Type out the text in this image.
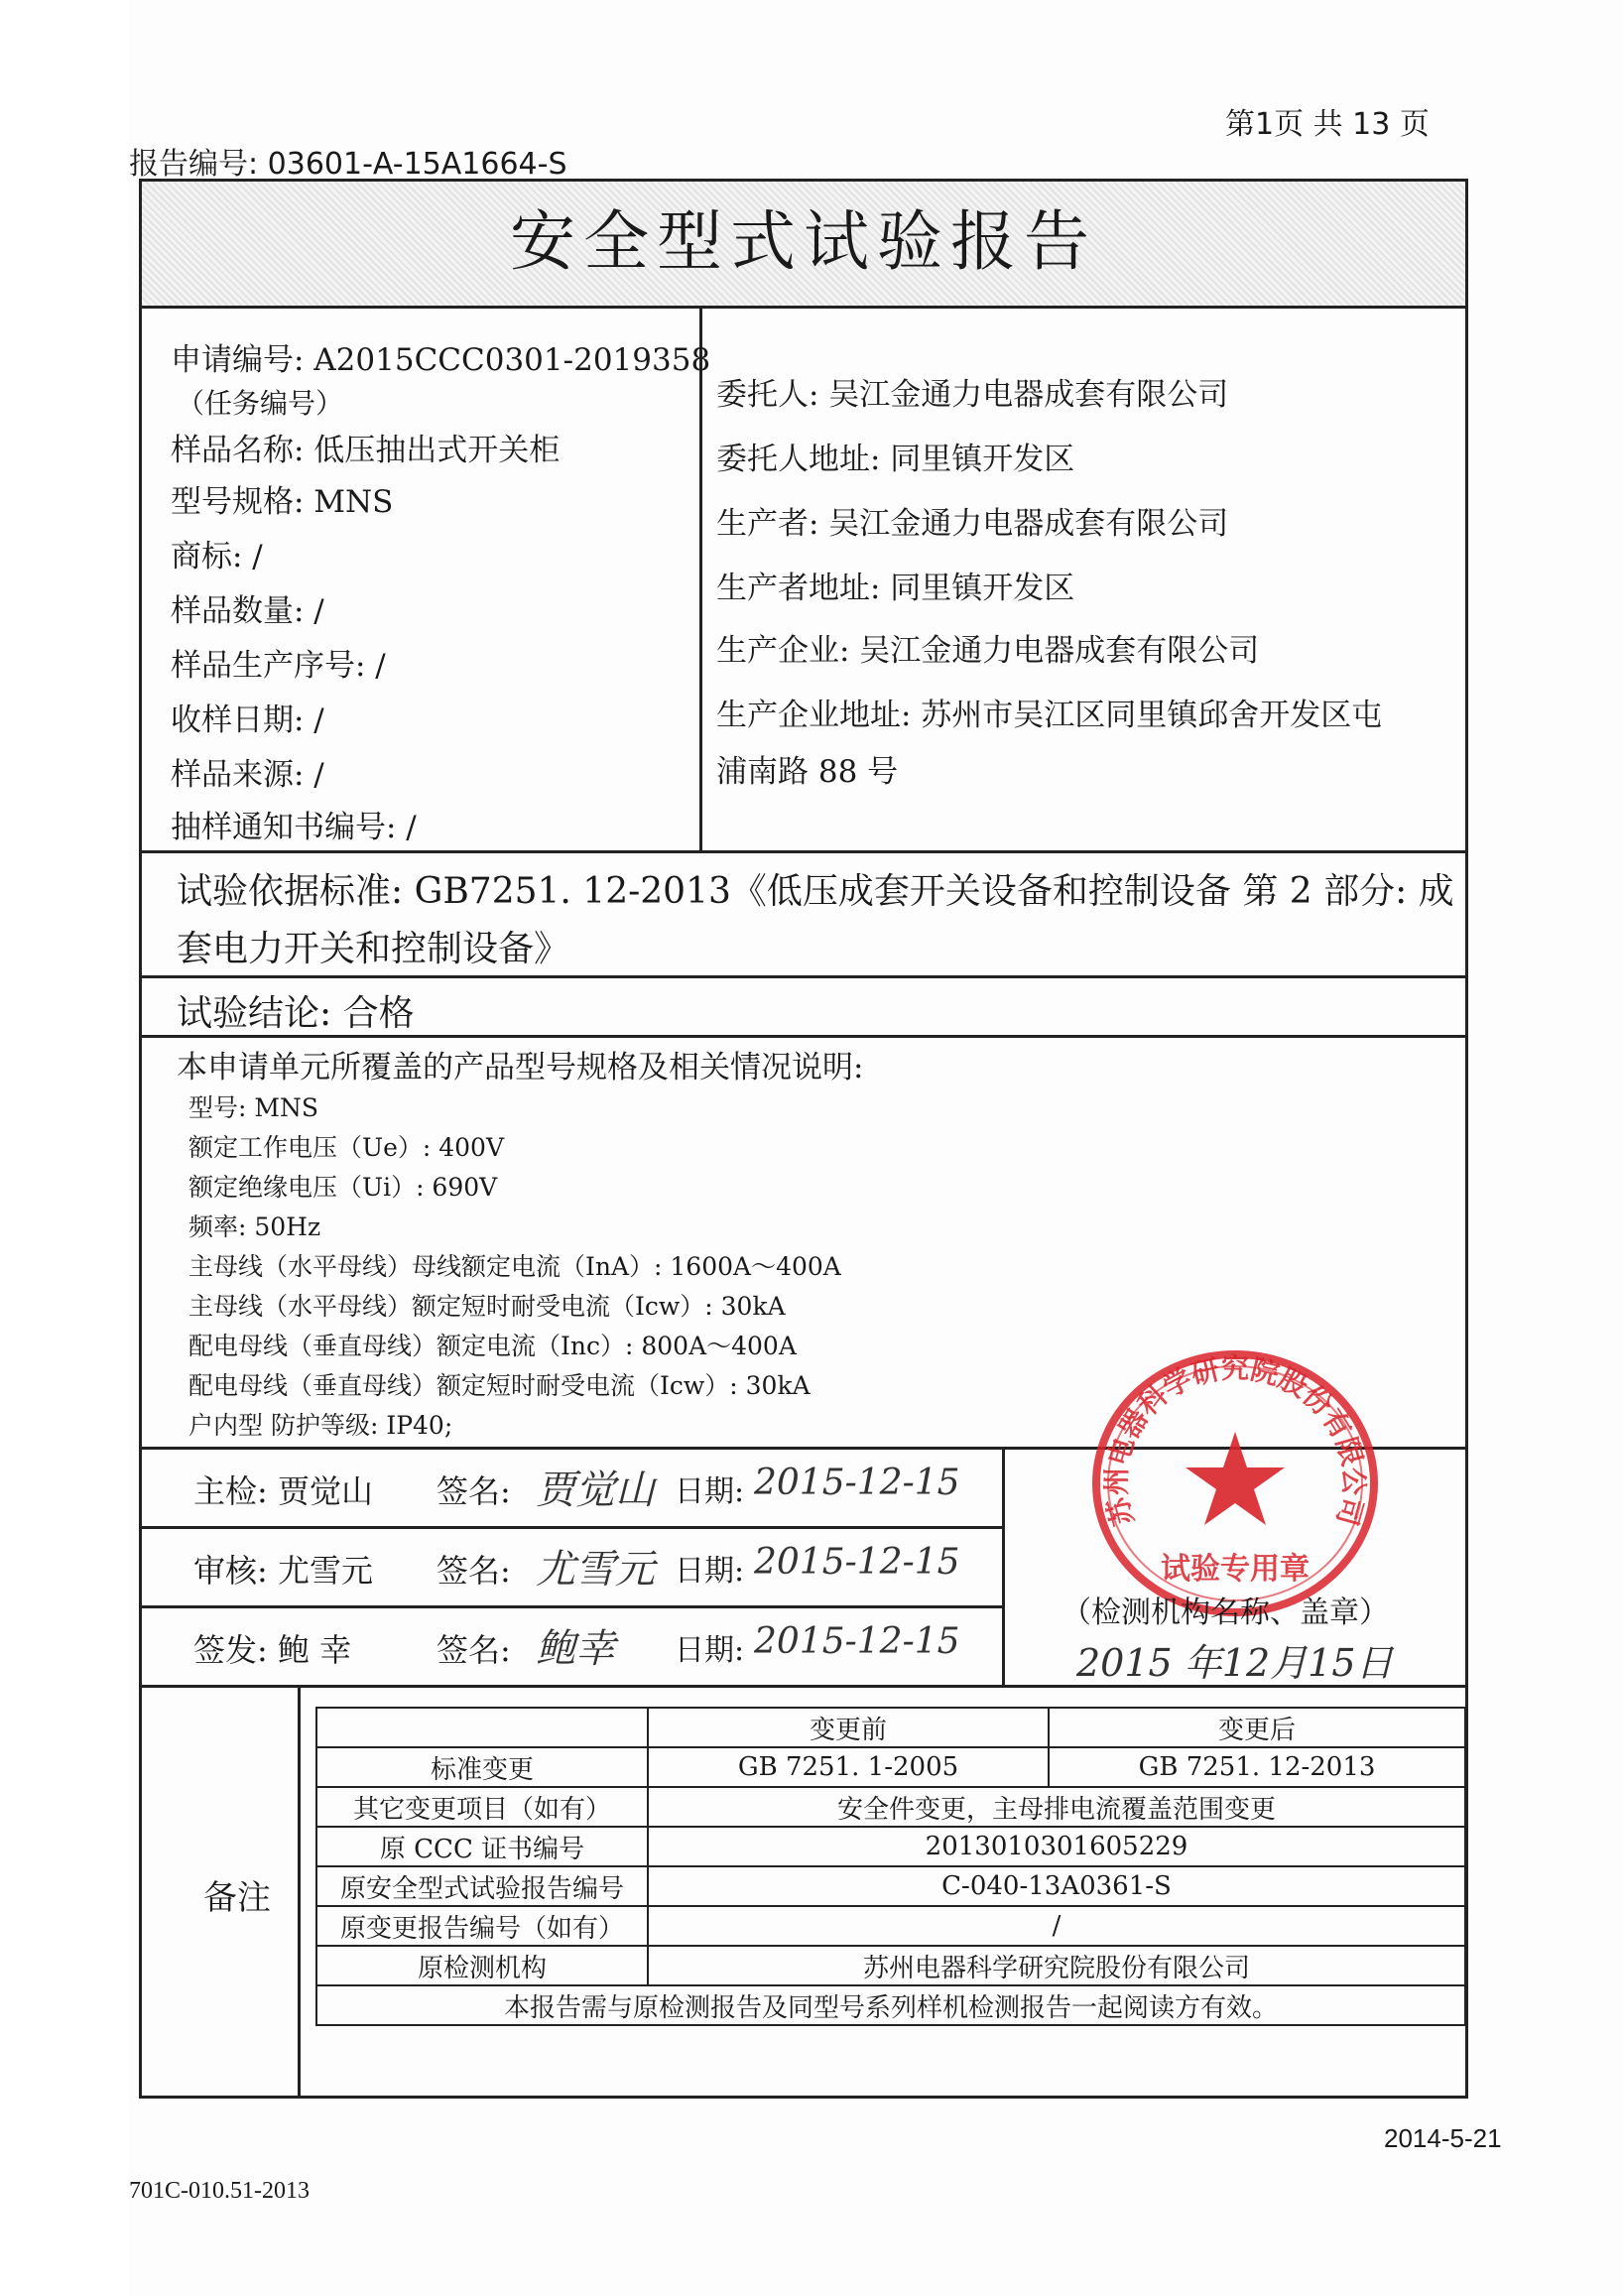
第1页 共 13 页
报告编号: 03601-A-15A1664-S
安全型式试验报告
申请编号: A2015CCC0301-2019358
（任务编号）
样品名称: 低压抽出式开关柜
型号规格: MNS
商标: /
样品数量: /
样品生产序号: /
收样日期: /
样品来源: /
抽样通知书编号: /
委托人: 吴江金通力电器成套有限公司
委托人地址: 同里镇开发区
生产者: 吴江金通力电器成套有限公司
生产者地址: 同里镇开发区
生产企业: 吴江金通力电器成套有限公司
生产企业地址: 苏州市吴江区同里镇邱舍开发区屯
浦南路 88 号
试验依据标准: GB7251. 12-2013《低压成套开关设备和控制设备 第 2 部分: 成
套电力开关和控制设备》
试验结论: 合格
本申请单元所覆盖的产品型号规格及相关情况说明:
型号: MNS
额定工作电压（Ue）: 400V
额定绝缘电压（Ui）: 690V
频率: 50Hz
主母线（水平母线）母线额定电流（InA）: 1600A～400A
主母线（水平母线）额定短时耐受电流（Icw）: 30kA
配电母线（垂直母线）额定电流（Inc）: 800A～400A
配电母线（垂直母线）额定短时耐受电流（Icw）: 30kA
户内型 防护等级: IP40;
主检: 贾觉山 签名: 贾觉山 日期: 2015-12-15
审核: 尤雪元 签名: 尤雪元 日期: 2015-12-15
签发: 鲍 幸	签名: 鲍幸 日期: 2015-12-15
苏州电器科学研究院股份有限公司
试验专用章
（检测机构名称、盖章）
2015 年12月15日
备注
	变更前	变更后
标准变更	GB 7251. 1-2005	GB 7251. 12-2013
其它变更项目（如有）	安全件变更，主母排电流覆盖范围变更	
原 CCC 证书编号	2013010301605229	
原安全型式试验报告编号	C-040-13A0361-S	
原变更报告编号（如有）	/	
原检测机构	苏州电器科学研究院股份有限公司	
本报告需与原检测报告及同型号系列样机检测报告一起阅读方有效。		
701C-010.51-2013
2014-5-21
